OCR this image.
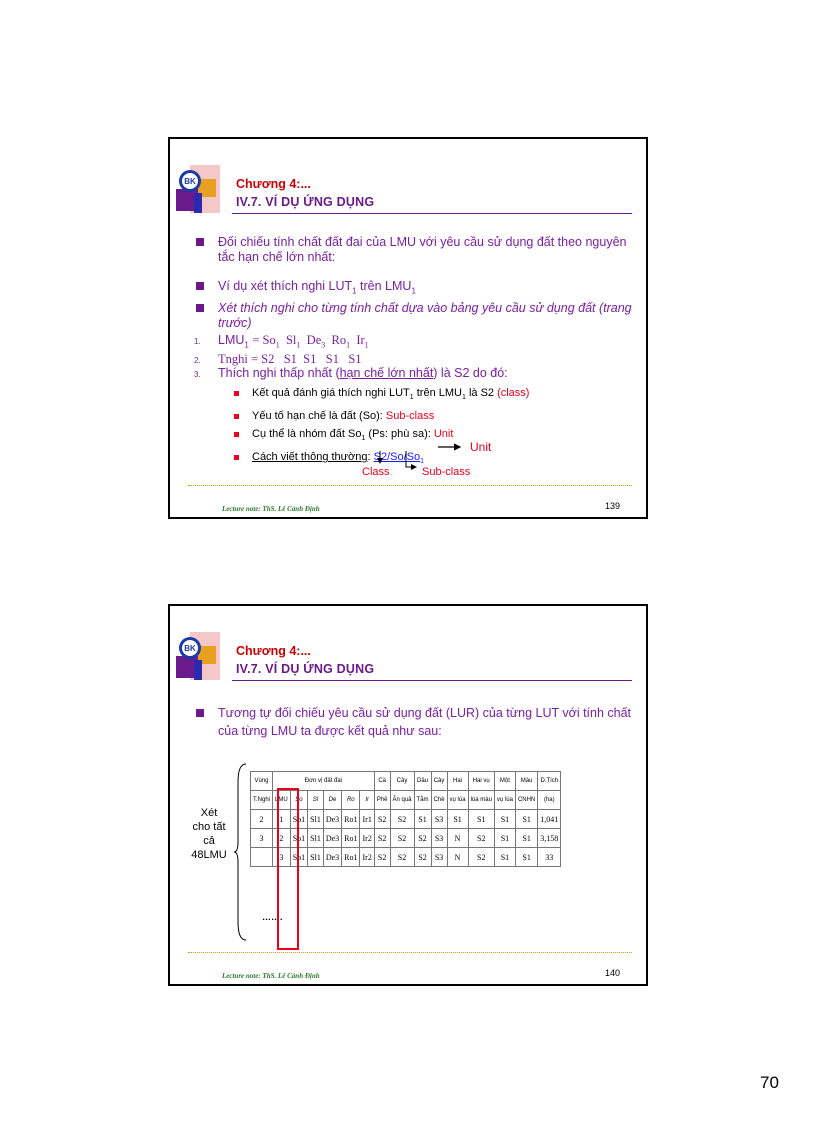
BK	Chương 4:...
IV.7. VÍ DỤ ỨNG DỤNG
Đối chiếu tính chất đất đai của LMU với yêu cầu sử dụng đất theo nguyên tắc hạn chế lớn nhất:
Ví dụ xét thích nghi $LUT_1$ trên $LMU_1$
Xét thích nghi cho từng tính chất dựa vào bảng yêu cầu sử dụng đất (trang trước)
1. $LMU_1 = So_1$ $Sl_1$ $De_3$ $Ro_1$ $Ir_1$
2. Tnghi = S2   S1  S1   S1   S1
3. Thích nghi thấp nhất (hạn chế lớn nhất) là S2 do đó:
Kết quả đánh giá thích nghi $LUT_1$ trên $LMU_1$ là S2 (class)
Yếu tố hạn chế là đất (So): Sub-class
Cụ thể là nhóm đất $So_1$ (Ps: phù sa): Unit
Cách viết thông thường: $S2/So/So_1$
Unit
Class	Sub-class
Lecture note: ThS. Lê Cảnh Định	139
BK	Chương 4:...
IV.7. VÍ DỤ ỨNG DỤNG
Tương tự đối chiếu yêu cầu sử dụng đất (LUR) của từng LUT với tính chất của từng LMU ta được kết quả như sau:
Xét
cho tất
cả
48LMU
Vùng	Đơn vị đất đai						Cà	Cây	Dầu	Cây	Hai	Hai vụ	Một	Màu	D.Tích
T.Nghi	LMU	So	Sl	De	Ro	Ir	Phê	Ăn quả	Tằm	Chè	vụ lúa	lúa màu	vụ lúa	CNHN	(ha)
2	1	So1	Sl1	De3	Ro1	Ir1	S2	S2	S1	S3	S1	S1	S1	S1	1,041
3	2	So1	Sl1	De3	Ro1	Ir2	S2	S2	S2	S3	N	S2	S1	S1	3,158
	3	So1	Sl1	De3	Ro1	Ir2	S2	S2	S2	S3	N	S2	S1	S1	33
…….
Lecture note: ThS. Lê Cảnh Định	140
70
